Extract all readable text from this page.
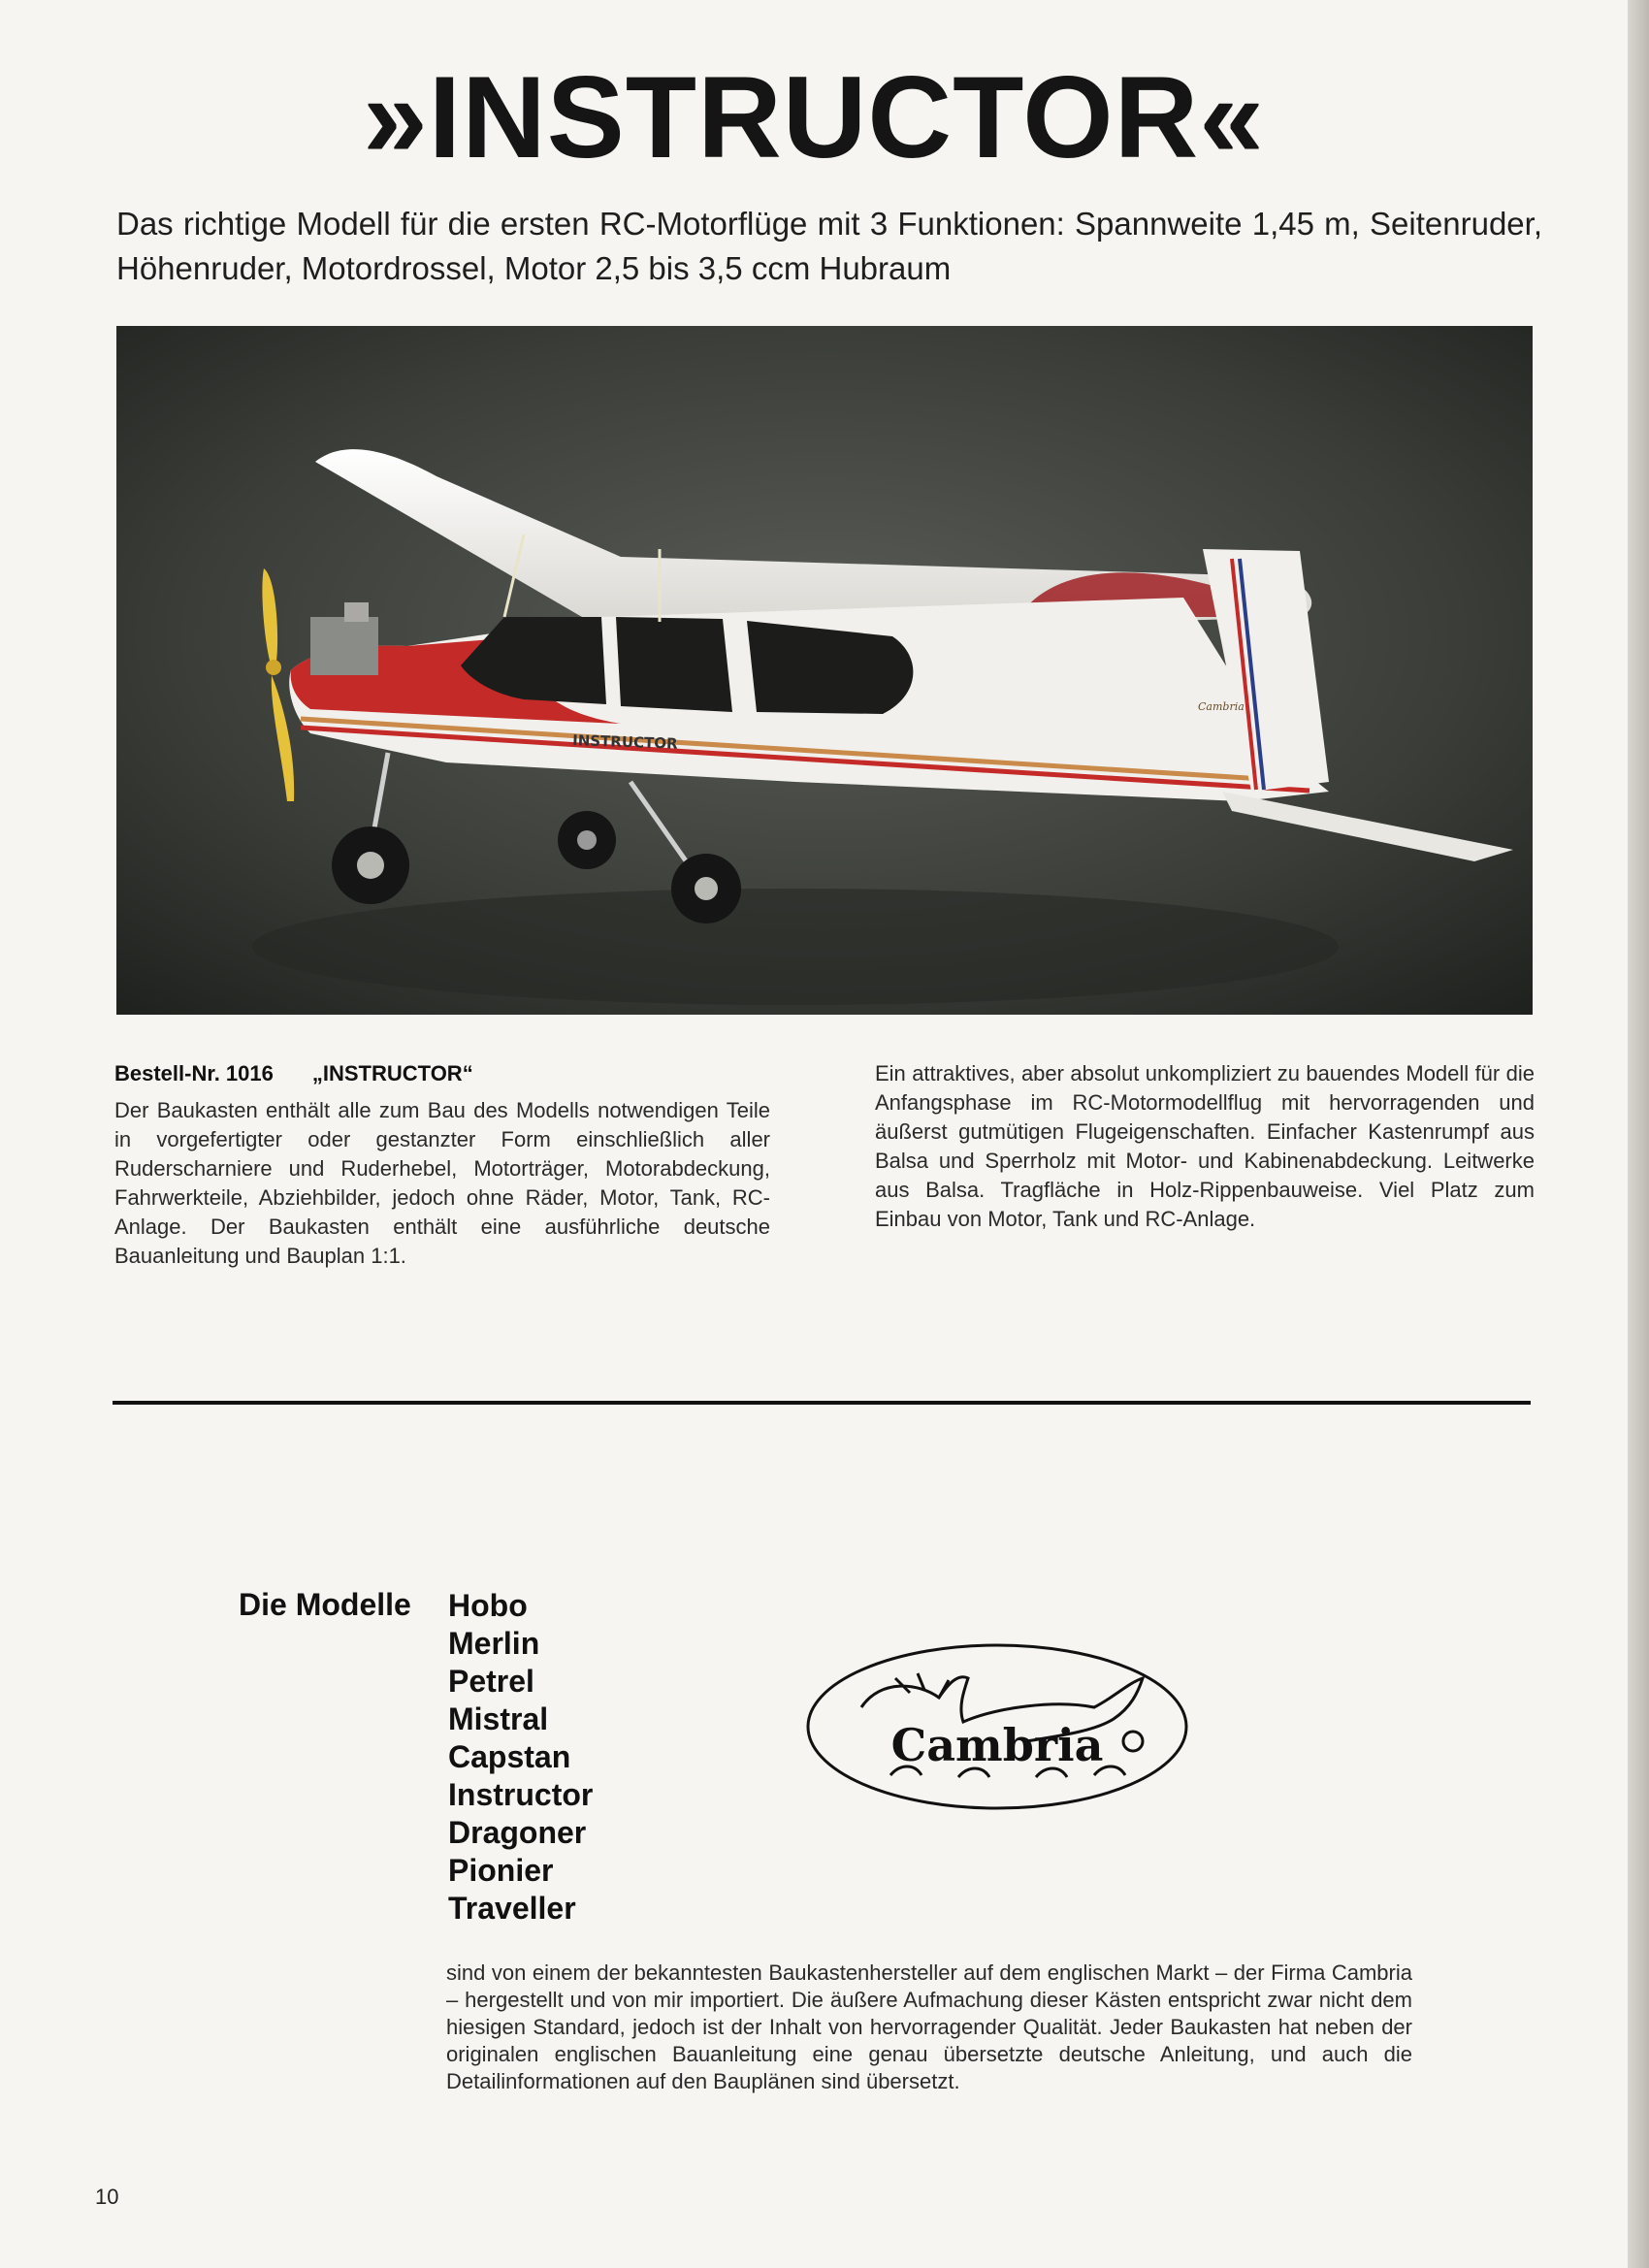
»INSTRUCTOR«

Das richtige Modell für die ersten RC-Motorflüge mit 3 Funktionen: Spannweite 1,45 m, Seitenruder, Höhenruder, Motordrossel, Motor 2,5 bis 3,5 ccm Hubraum

INSTRUCTOR
Cambria
Bestell-Nr. 1016 „INSTRUCTOR“

Der Baukasten enthält alle zum Bau des Modells notwendigen Teile in vorgefertigter oder gestanzter Form einschließlich aller Ruderscharniere und Ruderhebel, Motorträger, Motorabdeckung, Fahrwerkteile, Abziehbilder, jedoch ohne Räder, Motor, Tank, RC-Anlage. Der Baukasten enthält eine ausführliche deutsche Bauanleitung und Bauplan 1:1.

Ein attraktives, aber absolut unkompliziert zu bauendes Modell für die Anfangsphase im RC-Motormodellflug mit hervorragenden und äußerst gutmütigen Flugeigenschaften. Einfacher Kastenrumpf aus Balsa und Sperrholz mit Motor- und Kabinenabdeckung. Leitwerke aus Balsa. Tragfläche in Holz-Rippenbauweise. Viel Platz zum Einbau von Motor, Tank und RC-Anlage.

Die Modelle Hobo
Merlin
Petrel
Mistral
Capstan
Instructor
Dragoner
Pionier
Traveller
Cambria

sind von einem der bekanntesten Baukastenhersteller auf dem englischen Markt – der Firma Cambria – hergestellt und von mir importiert. Die äußere Aufmachung dieser Kästen entspricht zwar nicht dem hiesigen Standard, jedoch ist der Inhalt von hervorragender Qualität. Jeder Baukasten hat neben der originalen englischen Bauanleitung eine genau übersetzte deutsche Anleitung, und auch die Detailinformationen auf den Bauplänen sind übersetzt.

10
